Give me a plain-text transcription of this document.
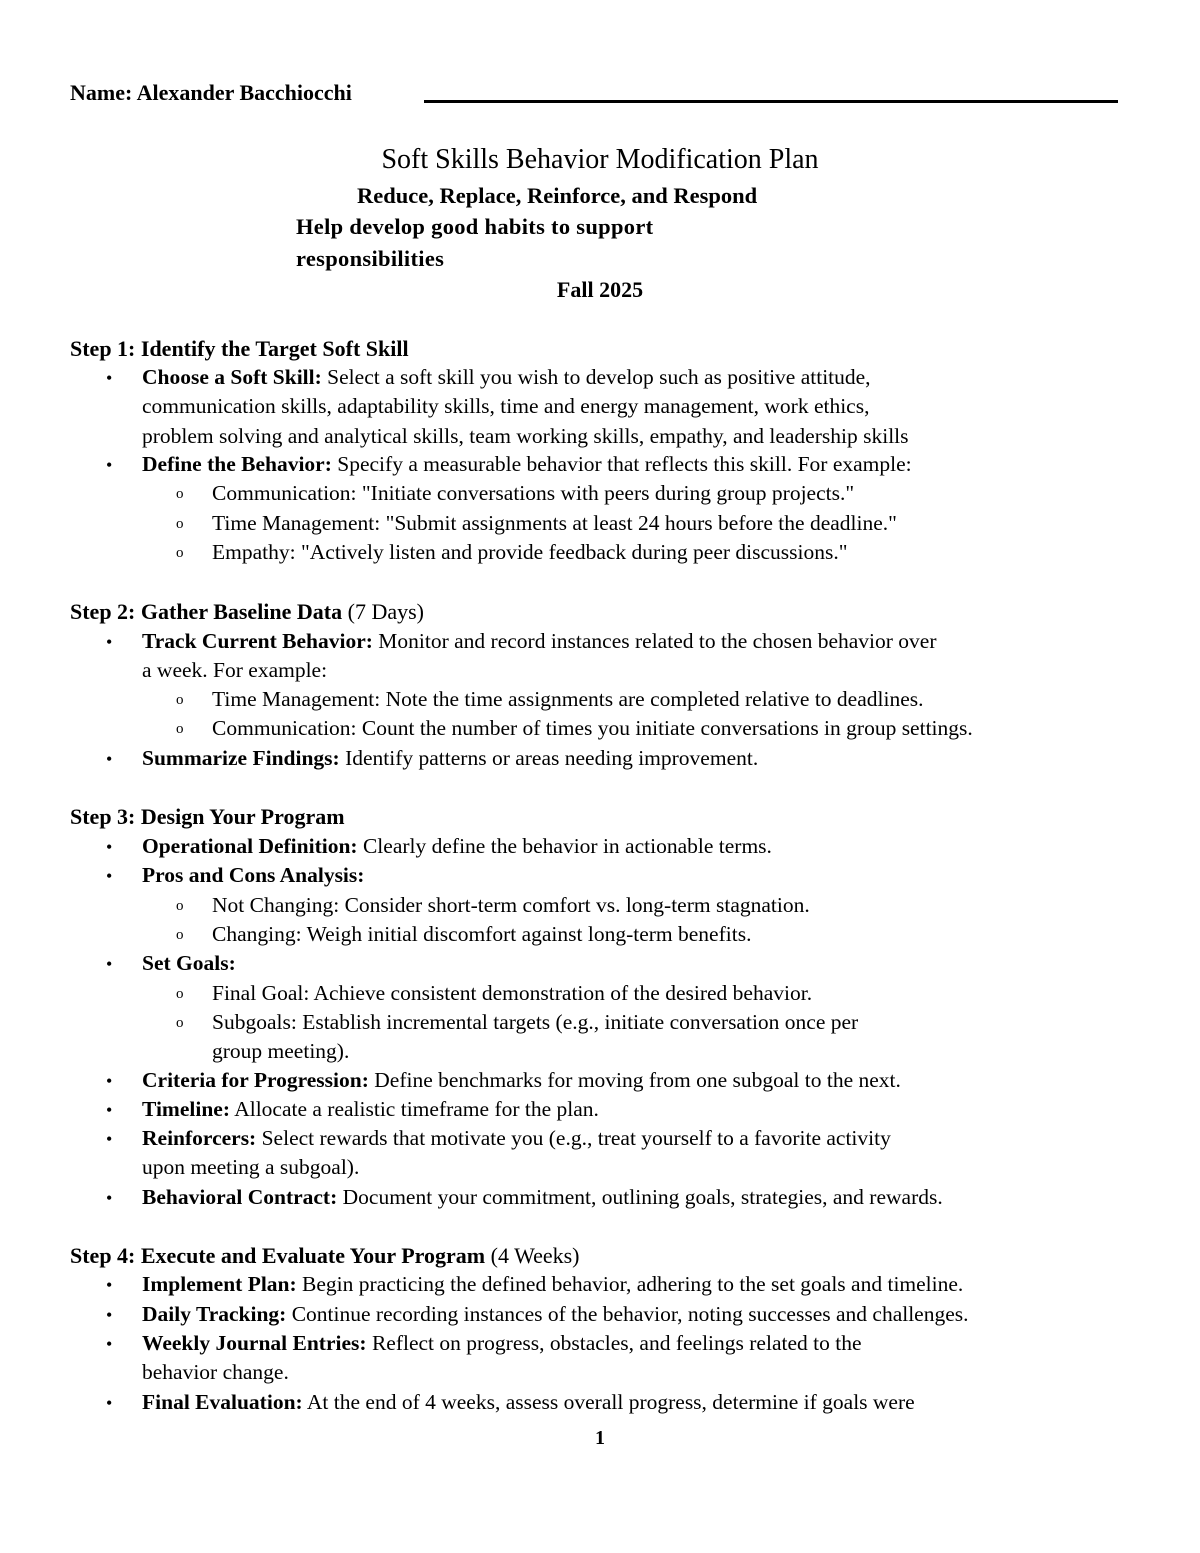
Name: Alexander Bacchiocchi
Soft Skills Behavior Modification Plan
Reduce, Replace, Reinforce, and Respond
Help develop good habits to support
responsibilities
Fall 2025
Step 1: Identify the Target Soft Skill
• Choose a Soft Skill: Select a soft skill you wish to develop such as positive attitude,
communication skills, adaptability skills, time and energy management, work ethics,
problem solving and analytical skills, team working skills, empathy, and leadership skills
• Define the Behavior: Specify a measurable behavior that reflects this skill. For example:
o Communication: "Initiate conversations with peers during group projects."
o Time Management: "Submit assignments at least 24 hours before the deadline."
o Empathy: "Actively listen and provide feedback during peer discussions."
Step 2: Gather Baseline Data (7 Days)
• Track Current Behavior: Monitor and record instances related to the chosen behavior over
a week. For example:
o Time Management: Note the time assignments are completed relative to deadlines.
o Communication: Count the number of times you initiate conversations in group settings.
• Summarize Findings: Identify patterns or areas needing improvement.
Step 3: Design Your Program
• Operational Definition: Clearly define the behavior in actionable terms.
• Pros and Cons Analysis:
o Not Changing: Consider short-term comfort vs. long-term stagnation.
o Changing: Weigh initial discomfort against long-term benefits.
• Set Goals:
o Final Goal: Achieve consistent demonstration of the desired behavior.
o Subgoals: Establish incremental targets (e.g., initiate conversation once per
group meeting).
• Criteria for Progression: Define benchmarks for moving from one subgoal to the next.
• Timeline: Allocate a realistic timeframe for the plan.
• Reinforcers: Select rewards that motivate you (e.g., treat yourself to a favorite activity
upon meeting a subgoal).
• Behavioral Contract: Document your commitment, outlining goals, strategies, and rewards.
Step 4: Execute and Evaluate Your Program (4 Weeks)
• Implement Plan: Begin practicing the defined behavior, adhering to the set goals and timeline.
• Daily Tracking: Continue recording instances of the behavior, noting successes and challenges.
• Weekly Journal Entries: Reflect on progress, obstacles, and feelings related to the
behavior change.
• Final Evaluation: At the end of 4 weeks, assess overall progress, determine if goals were
1
